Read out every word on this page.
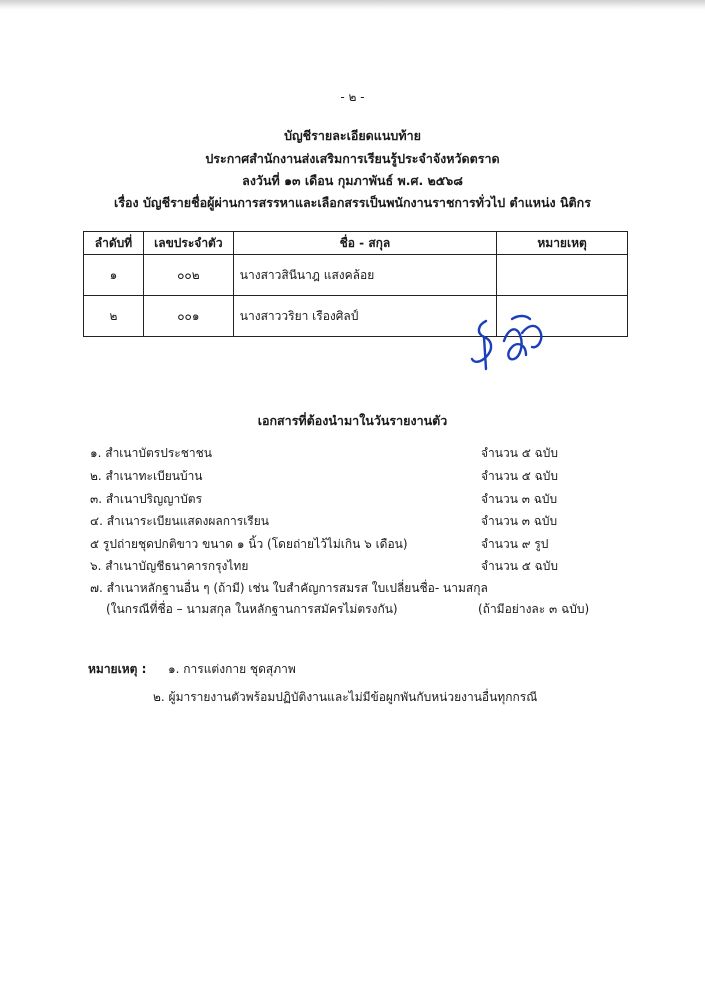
- ๒ -
บัญชีรายละเอียดแนบท้าย
ประกาศสำนักงานส่งเสริมการเรียนรู้ประจำจังหวัดตราด
ลงวันที่ ๑๓ เดือน กุมภาพันธ์ พ.ศ. ๒๕๖๘
เรื่อง บัญชีรายชื่อผู้ผ่านการสรรหาและเลือกสรรเป็นพนักงานราชการทั่วไป ตำแหน่ง นิติกร
ลำดับที่	เลขประจำตัว	ชื่อ - สกุล	หมายเหตุ
๑	๐๐๒	นางสาวสินีนาฎ แสงคล้อย	
๒	๐๐๑	นางสาววริยา เรืองศิลป์	
เอกสารที่ต้องนำมาในวันรายงานตัว
๑. สำเนาบัตรประชาชน	จำนวน ๕ ฉบับ
๒. สำเนาทะเบียนบ้าน	จำนวน ๕ ฉบับ
๓. สำเนาปริญญาบัตร	จำนวน ๓ ฉบับ
๔. สำเนาระเบียนแสดงผลการเรียน	จำนวน ๓ ฉบับ
๕ รูปถ่ายชุดปกติขาว ขนาด ๑ นิ้ว (โดยถ่ายไว้ไม่เกิน ๖ เดือน)	จำนวน ๙ รูป
๖. สำเนาบัญชีธนาคารกรุงไทย	จำนวน ๕ ฉบับ
๗. สำเนาหลักฐานอื่น ๆ (ถ้ามี) เช่น ใบสำคัญการสมรส ใบเปลี่ยนชื่อ- นามสกุล
(ในกรณีที่ชื่อ – นามสกุล ในหลักฐานการสมัครไม่ตรงกัน)	(ถ้ามีอย่างละ ๓ ฉบับ)
หมายเหตุ : ๑. การแต่งกาย ชุดสุภาพ
๒. ผู้มารายงานตัวพร้อมปฏิบัติงานและไม่มีข้อผูกพันกับหน่วยงานอื่นทุกกรณี
